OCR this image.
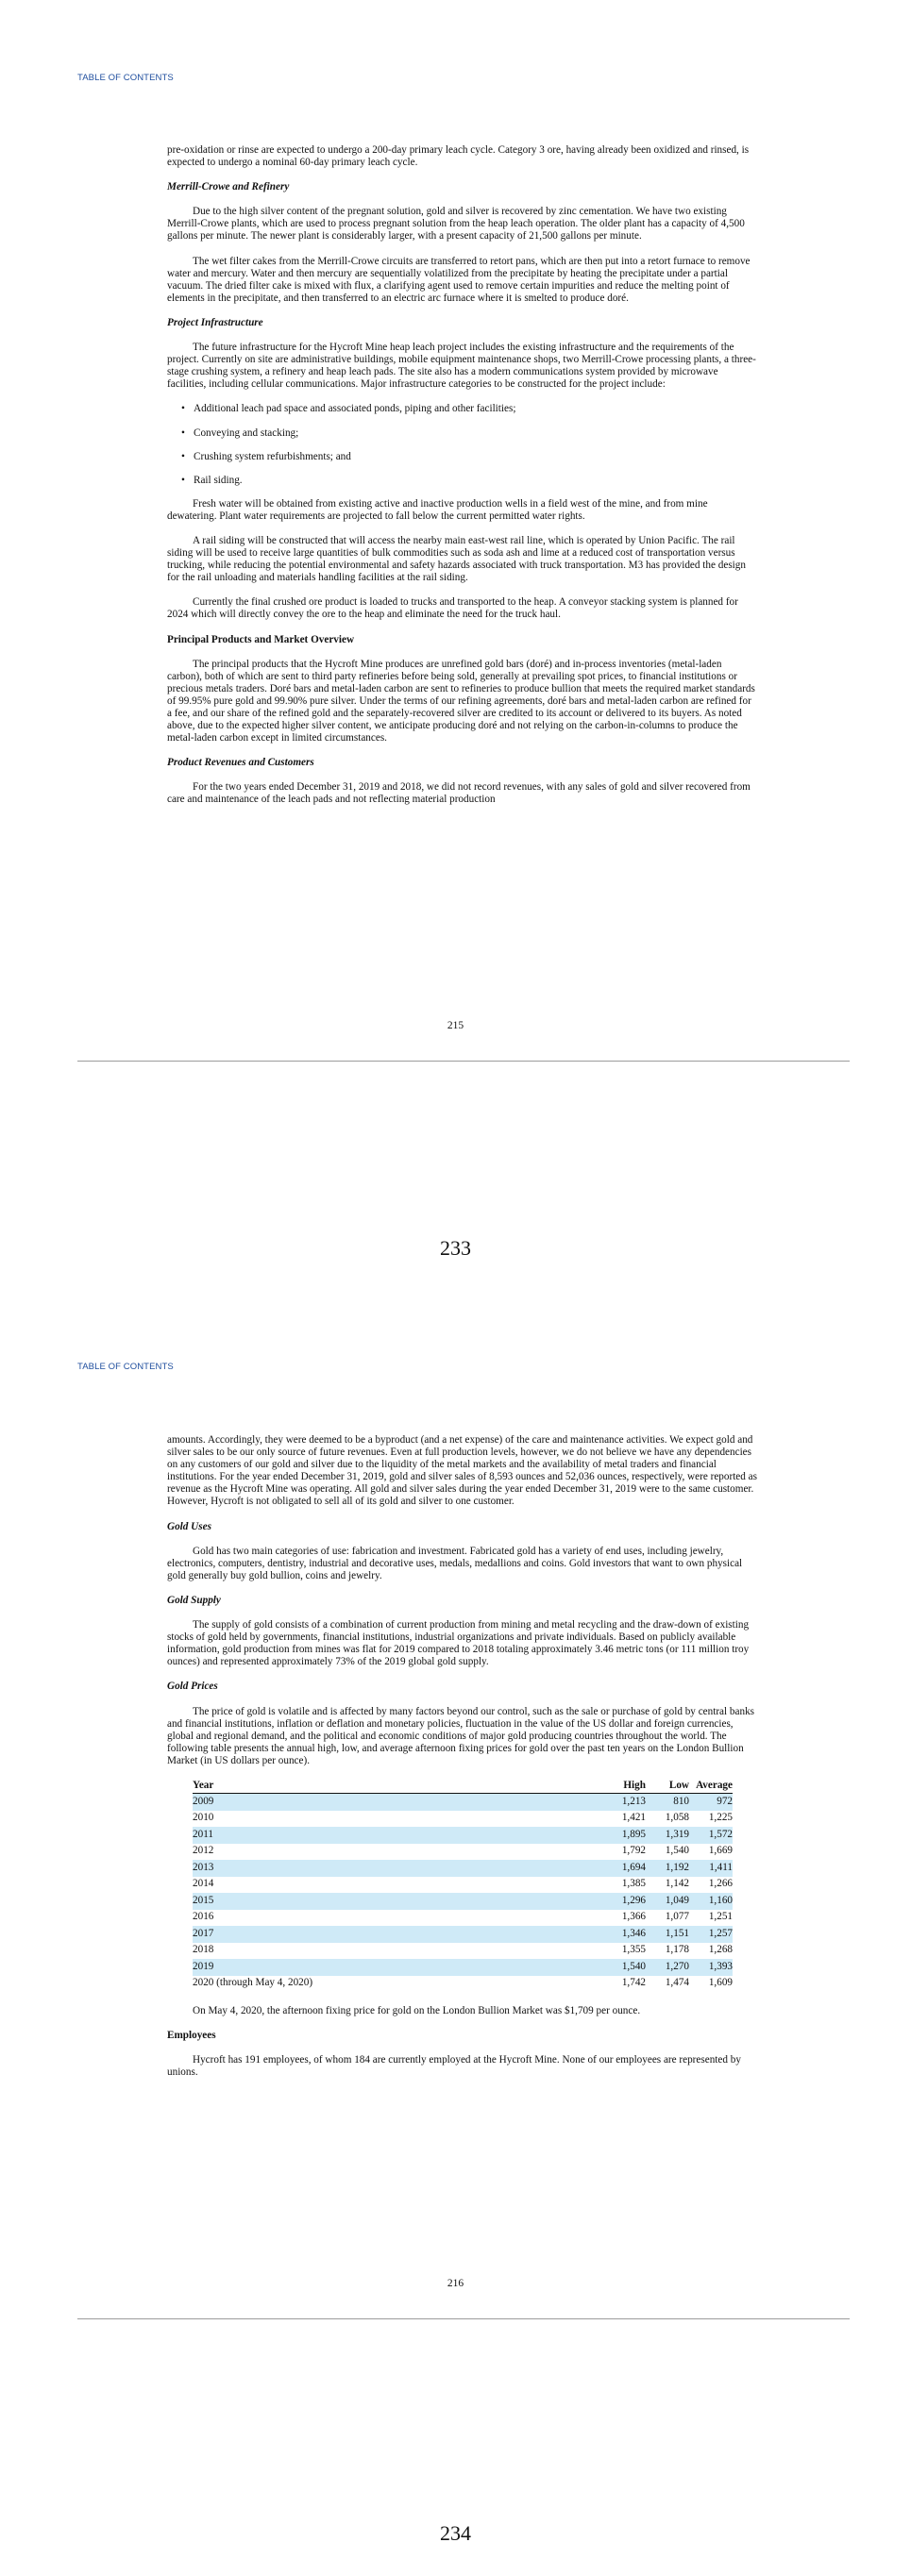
TABLE OF CONTENTS

pre-oxidation or rinse are expected to undergo a 200-day primary leach cycle. Category 3 ore, having already been oxidized and rinsed, is expected to undergo a nominal 60-day primary leach cycle.

Merrill-Crowe and Refinery

Due to the high silver content of the pregnant solution, gold and silver is recovered by zinc cementation. We have two existing Merrill-Crowe plants, which are used to process pregnant solution from the heap leach operation. The older plant has a capacity of 4,500 gallons per minute. The newer plant is considerably larger, with a present capacity of 21,500 gallons per minute.

The wet filter cakes from the Merrill-Crowe circuits are transferred to retort pans, which are then put into a retort furnace to remove water and mercury. Water and then mercury are sequentially volatilized from the precipitate by heating the precipitate under a partial vacuum. The dried filter cake is mixed with flux, a clarifying agent used to remove certain impurities and reduce the melting point of elements in the precipitate, and then transferred to an electric arc furnace where it is smelted to produce doré.

Project Infrastructure

The future infrastructure for the Hycroft Mine heap leach project includes the existing infrastructure and the requirements of the project. Currently on site are administrative buildings, mobile equipment maintenance shops, two Merrill-Crowe processing plants, a three-stage crushing system, a refinery and heap leach pads. The site also has a modern communications system provided by microwave facilities, including cellular communications. Major infrastructure categories to be constructed for the project include:

• Additional leach pad space and associated ponds, piping and other facilities;
• Conveying and stacking;
• Crushing system refurbishments; and
• Rail siding.

Fresh water will be obtained from existing active and inactive production wells in a field west of the mine, and from mine dewatering. Plant water requirements are projected to fall below the current permitted water rights.

A rail siding will be constructed that will access the nearby main east-west rail line, which is operated by Union Pacific. The rail siding will be used to receive large quantities of bulk commodities such as soda ash and lime at a reduced cost of transportation versus trucking, while reducing the potential environmental and safety hazards associated with truck transportation. M3 has provided the design for the rail unloading and materials handling facilities at the rail siding.

Currently the final crushed ore product is loaded to trucks and transported to the heap. A conveyor stacking system is planned for 2024 which will directly convey the ore to the heap and eliminate the need for the truck haul.

Principal Products and Market Overview

The principal products that the Hycroft Mine produces are unrefined gold bars (doré) and in-process inventories (metal-laden carbon), both of which are sent to third party refineries before being sold, generally at prevailing spot prices, to financial institutions or precious metals traders. Doré bars and metal-laden carbon are sent to refineries to produce bullion that meets the required market standards of 99.95% pure gold and 99.90% pure silver. Under the terms of our refining agreements, doré bars and metal-laden carbon are refined for a fee, and our share of the refined gold and the separately-recovered silver are credited to its account or delivered to its buyers. As noted above, due to the expected higher silver content, we anticipate producing doré and not relying on the carbon-in-columns to produce the metal-laden carbon except in limited circumstances.

Product Revenues and Customers

For the two years ended December 31, 2019 and 2018, we did not record revenues, with any sales of gold and silver recovered from care and maintenance of the leach pads and not reflecting material production

215
233
TABLE OF CONTENTS

amounts. Accordingly, they were deemed to be a byproduct (and a net expense) of the care and maintenance activities. We expect gold and silver sales to be our only source of future revenues. Even at full production levels, however, we do not believe we have any dependencies on any customers of our gold and silver due to the liquidity of the metal markets and the availability of metal traders and financial institutions. For the year ended December 31, 2019, gold and silver sales of 8,593 ounces and 52,036 ounces, respectively, were reported as revenue as the Hycroft Mine was operating. All gold and silver sales during the year ended December 31, 2019 were to the same customer. However, Hycroft is not obligated to sell all of its gold and silver to one customer.

Gold Uses

Gold has two main categories of use: fabrication and investment. Fabricated gold has a variety of end uses, including jewelry, electronics, computers, dentistry, industrial and decorative uses, medals, medallions and coins. Gold investors that want to own physical gold generally buy gold bullion, coins and jewelry.

Gold Supply

The supply of gold consists of a combination of current production from mining and metal recycling and the draw-down of existing stocks of gold held by governments, financial institutions, industrial organizations and private individuals. Based on publicly available information, gold production from mines was flat for 2019 compared to 2018 totaling approximately 3.46 metric tons (or 111 million troy ounces) and represented approximately 73% of the 2019 global gold supply.

Gold Prices

The price of gold is volatile and is affected by many factors beyond our control, such as the sale or purchase of gold by central banks and financial institutions, inflation or deflation and monetary policies, fluctuation in the value of the US dollar and foreign currencies, global and regional demand, and the political and economic conditions of major gold producing countries throughout the world. The following table presents the annual high, low, and average afternoon fixing prices for gold over the past ten years on the London Bullion Market (in US dollars per ounce).

Year	High	Low	Average
2009	1,213	810	972
2010	1,421	1,058	1,225
2011	1,895	1,319	1,572
2012	1,792	1,540	1,669
2013	1,694	1,192	1,411
2014	1,385	1,142	1,266
2015	1,296	1,049	1,160
2016	1,366	1,077	1,251
2017	1,346	1,151	1,257
2018	1,355	1,178	1,268
2019	1,540	1,270	1,393
2020 (through May 4, 2020)	1,742	1,474	1,609

On May 4, 2020, the afternoon fixing price for gold on the London Bullion Market was $1,709 per ounce.

Employees

Hycroft has 191 employees, of whom 184 are currently employed at the Hycroft Mine. None of our employees are represented by unions.

216
234
